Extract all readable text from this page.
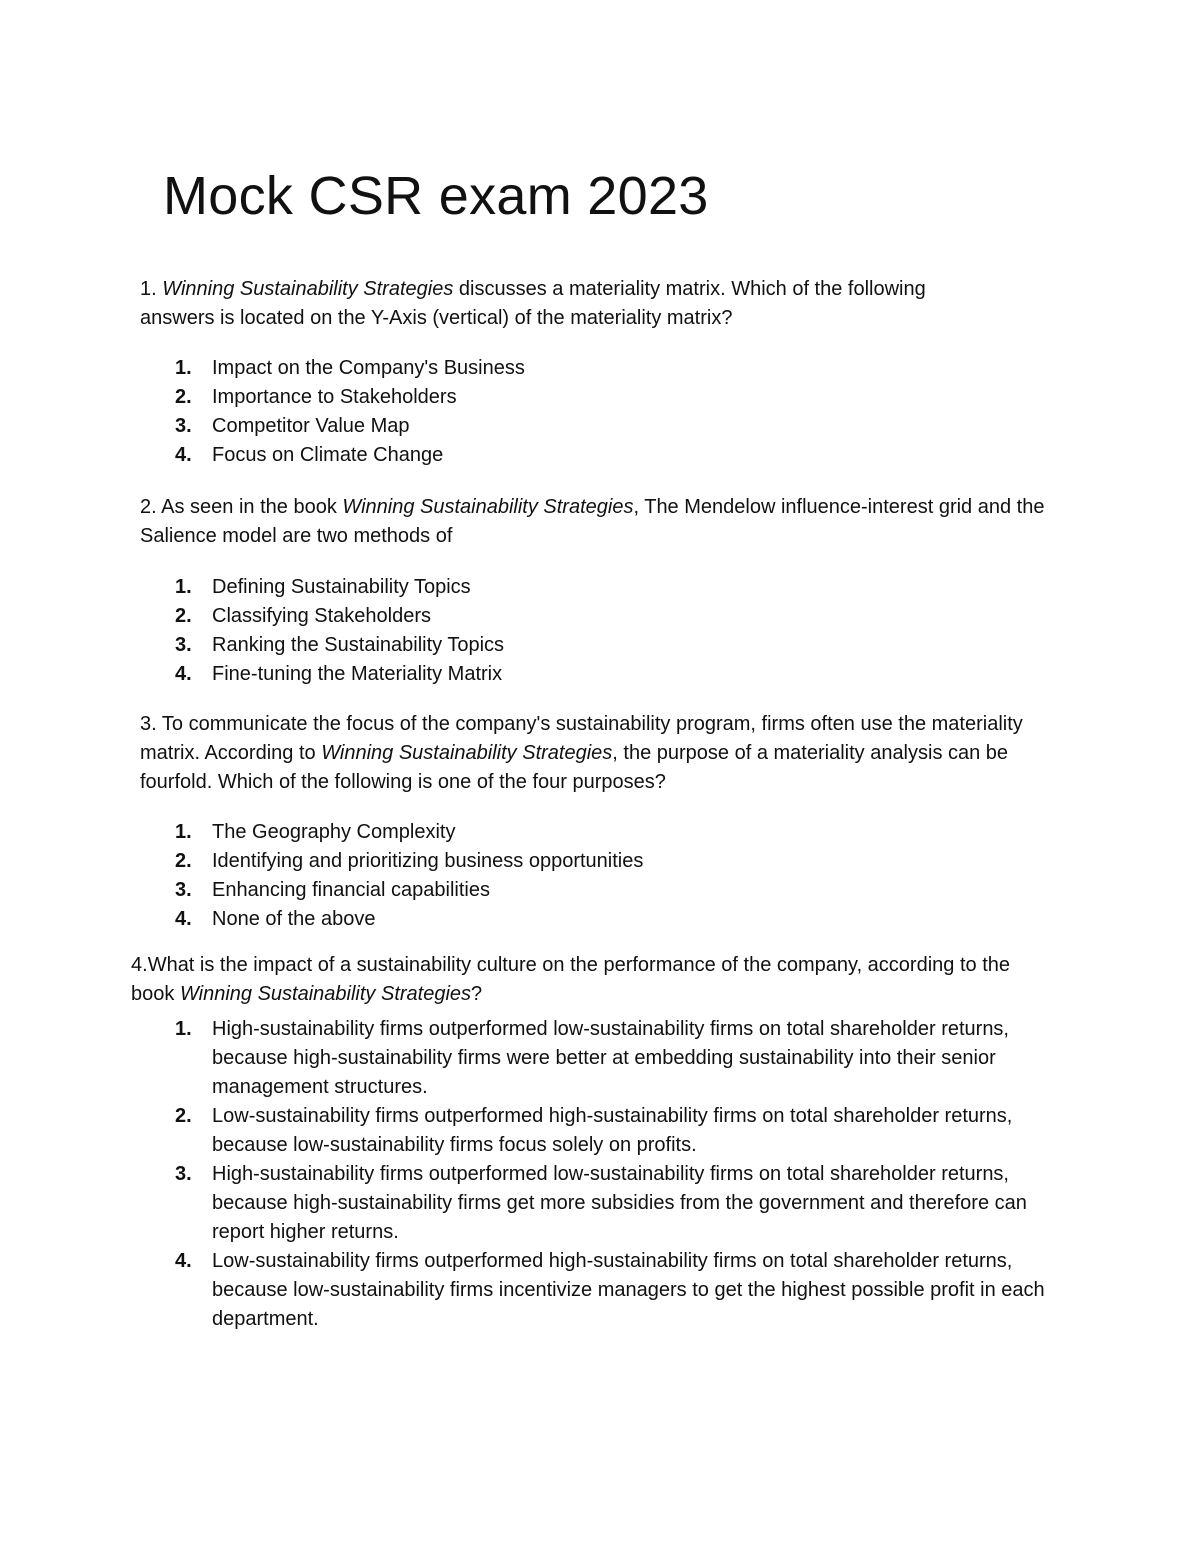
Mock CSR exam 2023

1. Winning Sustainability Strategies discusses a materiality matrix. Which of the following answers is located on the Y-Axis (vertical) of the materiality matrix?

1. Impact on the Company's Business
2. Importance to Stakeholders
3. Competitor Value Map
4. Focus on Climate Change

2. As seen in the book Winning Sustainability Strategies, The Mendelow influence-interest grid and the Salience model are two methods of

1. Defining Sustainability Topics
2. Classifying Stakeholders
3. Ranking the Sustainability Topics
4. Fine-tuning the Materiality Matrix

3. To communicate the focus of the company's sustainability program, firms often use the materiality matrix. According to Winning Sustainability Strategies, the purpose of a materiality analysis can be fourfold. Which of the following is one of the four purposes?

1. The Geography Complexity
2. Identifying and prioritizing business opportunities
3. Enhancing financial capabilities
4. None of the above

4.What is the impact of a sustainability culture on the performance of the company, according to the book Winning Sustainability Strategies?

1. High-sustainability firms outperformed low-sustainability firms on total shareholder returns, because high-sustainability firms were better at embedding sustainability into their senior management structures.
2. Low-sustainability firms outperformed high-sustainability firms on total shareholder returns, because low-sustainability firms focus solely on profits.
3. High-sustainability firms outperformed low-sustainability firms on total shareholder returns, because high-sustainability firms get more subsidies from the government and therefore can report higher returns.
4. Low-sustainability firms outperformed high-sustainability firms on total shareholder returns, because low-sustainability firms incentivize managers to get the highest possible profit in each department.
